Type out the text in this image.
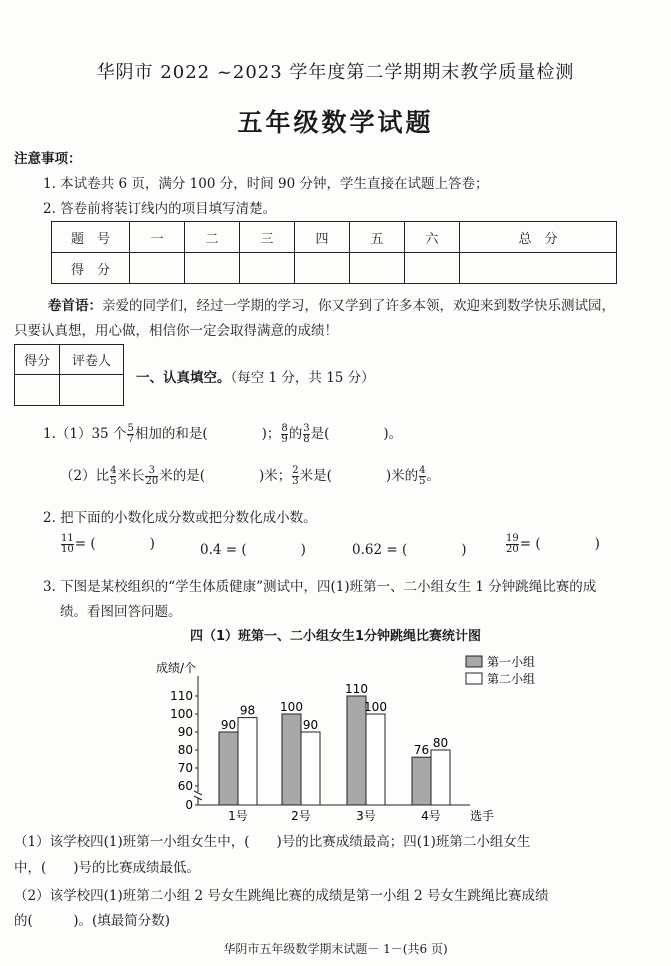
华阴市 2022 ~2023 学年度第二学期期末教学质量检测
五年级数学试题
注意事项：
1. 本试卷共 6 页，满分 100 分，时间 90 分钟，学生直接在试题上答卷；
2. 答卷前将装订线内的项目填写清楚。
题　号	一	二	三	四	五	六	总　分
得　分							
卷首语：亲爱的同学们，经过一学期的学习，你又学到了许多本领，欢迎来到数学快乐测试园，
只要认真想，用心做，相信你一定会取得满意的成绩！
得分	评卷人

一、认真填空。（每空 1 分，共 15 分）
1.（1）35 个 $\frac{5}{7}$ 相加的和是(　　　　)； $\frac{8}{9}$ 的 $\frac{3}{8}$ 是(　　　　)。
（2）比 $\frac{4}{5}$ 米长 $\frac{3}{20}$ 米的是(　　　　)米； $\frac{2}{3}$ 米是(　　　　)米的 $\frac{4}{5}$ 。
2. 把下面的小数化成分数或把分数化成小数。
$\frac{11}{10}$ = (　　　　)	0.4 = (　　　　)	0.62 = (　　　　)	$\frac{19}{20}$ = (　　　　)
3. 下图是某校组织的“学生体质健康”测试中，四(1)班第一、二小组女生 1 分钟跳绳比赛的成
绩。看图回答问题。
四（1）班第一、二小组女生1分钟跳绳比赛统计图
成绩/个
选手
0
60
70
80
90
100
110
90
98
1号
100
90
2号
110
100
3号
76
80
4号
第一小组
第二小组
（1）该学校四(1)班第一小组女生中，(　　)号的比赛成绩最高；四(1)班第二小组女生
中，(　　)号的比赛成绩最低。
（2）该学校四(1)班第二小组 2 号女生跳绳比赛的成绩是第一小组 2 号女生跳绳比赛成绩
的(　　　)。(填最简分数)
华阴市五年级数学期末试题－ 1－(共6 页)
